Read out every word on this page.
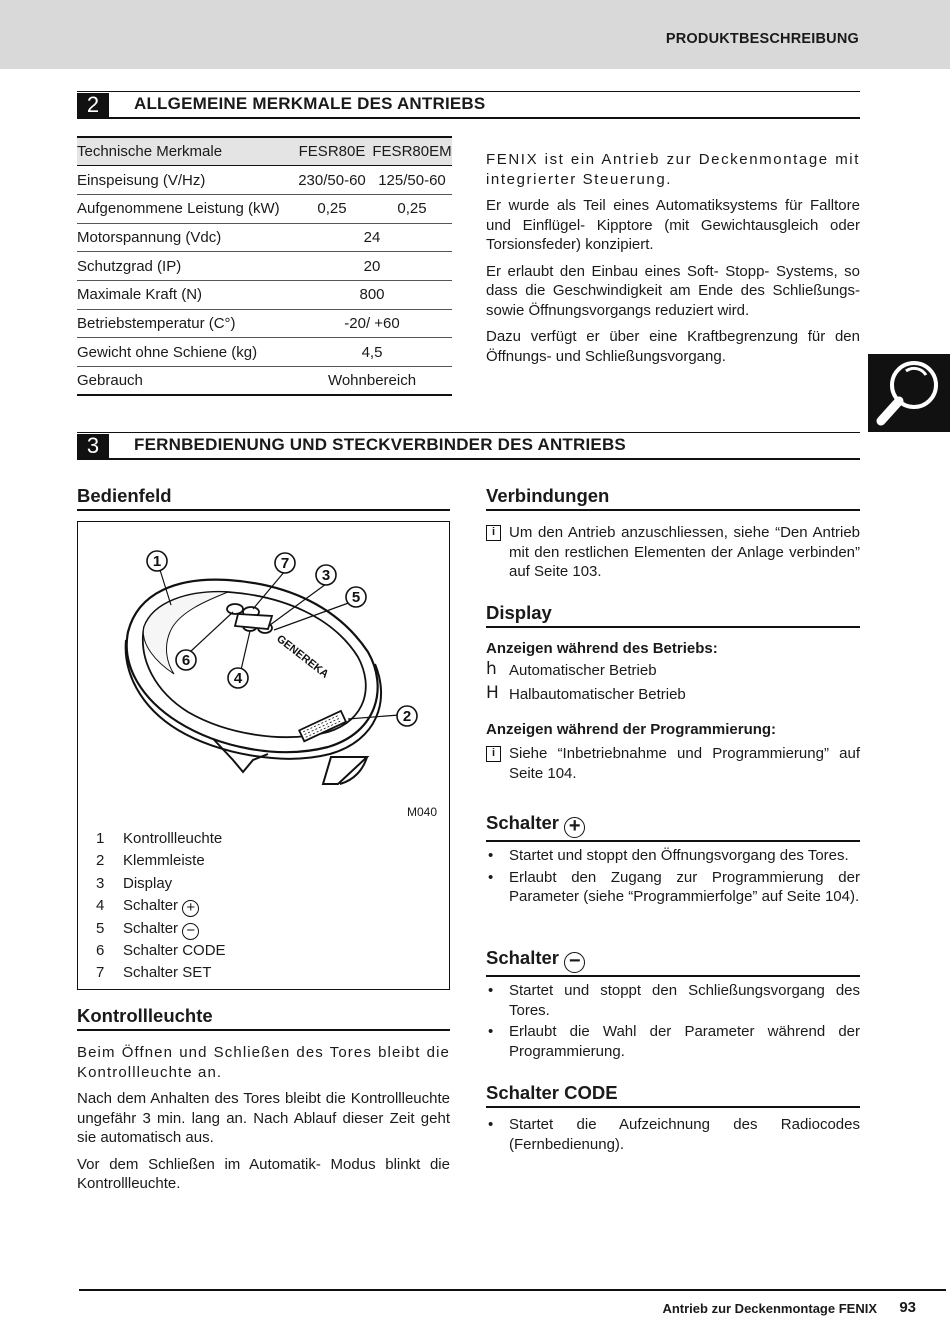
PRODUKTBESCHREIBUNG
2	ALLGEMEINE MERKMALE DES ANTRIEBS
Technische Merkmale	FESR80E	FESR80EM
Einspeisung (V/Hz)	230/50-60	125/50-60
Aufgenommene Leistung (kW)	0,25	0,25
Motorspannung (Vdc)	24	
Schutzgrad (IP)	20	
Maximale Kraft (N)	800	
Betriebstemperatur (C°)	-20/ +60	
Gewicht ohne Schiene (kg)	4,5	
Gebrauch	Wohnbereich	

FENIX ist ein Antrieb zur Deckenmontage mit integrierter Steuerung.

Er wurde als Teil eines Automatiksystems für Falltore und Einflügel- Kipptore (mit Gewichtausgleich oder Torsionsfeder) konzipiert.

Er erlaubt den Einbau eines Soft- Stopp- Systems, so dass die Geschwindigkeit am Ende des Schließungs- sowie Öffnungsvorgangs reduziert wird.

Dazu verfügt er über eine Kraftbegrenzung für den Öffnungs- und Schließungsvorgang.

3	FERNBEDIENUNG UND STECKVERBINDER DES ANTRIEBS
Bedienfeld
GENEREKA
1	7
3
5
6
4
2
M040
1 Kontrollleuchte
2 Klemmleiste
3 Display
4 Schalter +
5 Schalter −
6 Schalter CODE
7 Schalter SET
Kontrollleuchte

Beim Öffnen und Schließen des Tores bleibt die Kontrollleuchte an.

Nach dem Anhalten des Tores bleibt die Kontrollleuchte ungefähr 3 min. lang an. Nach Ablauf dieser Zeit geht sie automatisch aus.

Vor dem Schließen im Automatik- Modus blinkt die Kontrollleuchte.

Verbindungen
i Um den Antrieb anzuschliessen, siehe “Den Antrieb mit den restlichen Elementen der Anlage verbinden” auf Seite 103.
Display
Anzeigen während des Betriebs:
h Automatischer Betrieb
H Halbautomatischer Betrieb
Anzeigen während der Programmierung:
i Siehe “Inbetriebnahme und Programmierung” auf Seite 104.
Schalter +
• Startet und stoppt den Öffnungsvorgang des Tores.
• Erlaubt den Zugang zur Programmierung der Parameter (siehe “Programmierfolge” auf Seite 104).
Schalter −
• Startet und stoppt den Schließungsvorgang des Tores.
• Erlaubt die Wahl der Parameter während der Programmierung.
Schalter CODE
• Startet die Aufzeichnung des Radiocodes (Fernbedienung).
Antrieb zur Deckenmontage FENIX 93
